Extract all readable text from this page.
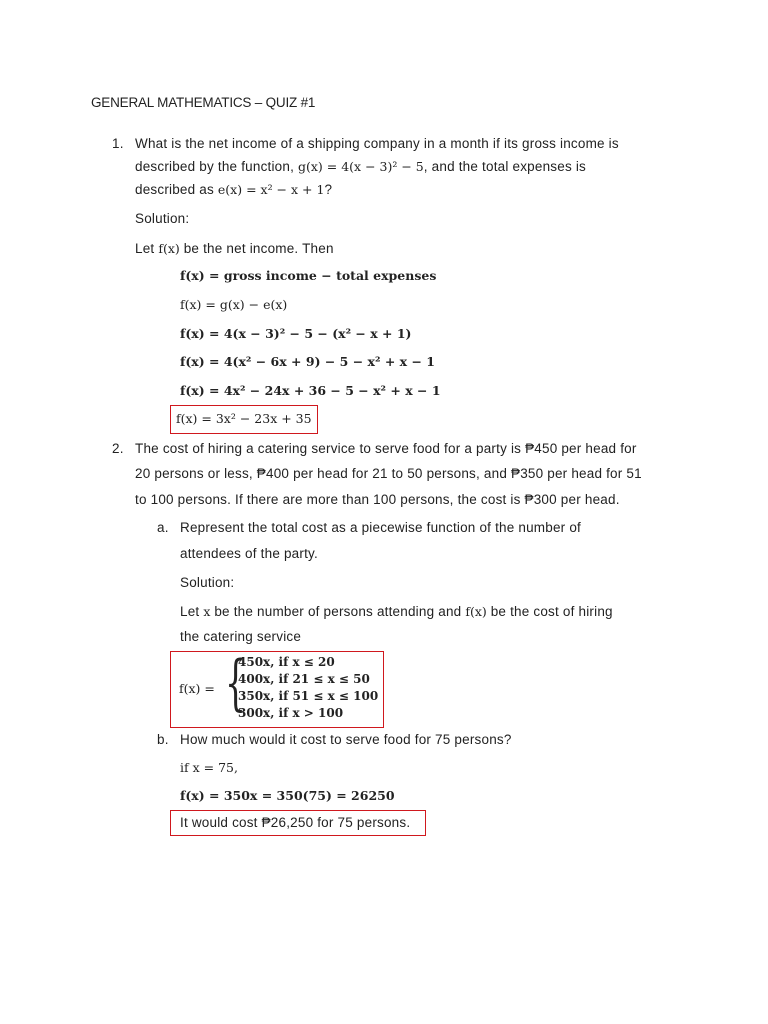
GENERAL MATHEMATICS – QUIZ #1
1. What is the net income of a shipping company in a month if its gross income is
described by the function, g(x) = 4(x − 3)² − 5, and the total expenses is
described as e(x) = x² − x + 1?
Solution:
Let f(x) be the net income. Then
f(x) = gross income − total expenses
f(x) = g(x) − e(x)
f(x) = 4(x − 3)² − 5 − (x² − x + 1)
f(x) = 4(x² − 6x + 9) − 5 − x² + x − 1
f(x) = 4x² − 24x + 36 − 5 − x² + x − 1
f(x) = 3x² − 23x + 35
2. The cost of hiring a catering service to serve food for a party is ₱450 per head for
20 persons or less, ₱400 per head for 21 to 50 persons, and ₱350 per head for 51
to 100 persons. If there are more than 100 persons, the cost is ₱300 per head.
a. Represent the total cost as a piecewise function of the number of
attendees of the party.
Solution:
Let x be the number of persons attending and f(x) be the cost of hiring
the catering service
f(x) = {
450x, if x ≤ 20
400x, if 21 ≤ x ≤ 50
350x, if 51 ≤ x ≤ 100
300x, if x > 100
b. How much would it cost to serve food for 75 persons?
if x = 75,
f(x) = 350x = 350(75) = 26250
It would cost ₱26,250 for 75 persons.
